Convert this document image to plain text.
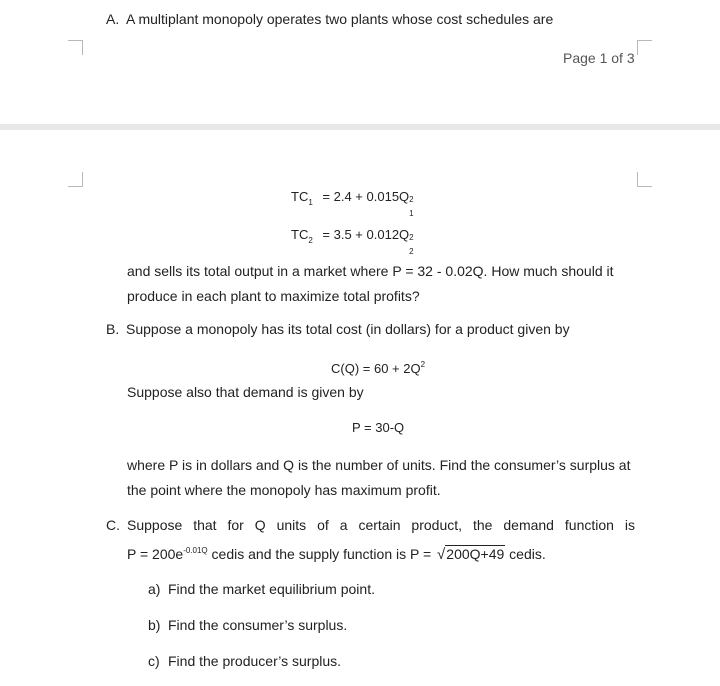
A. A multiplant monopoly operates two plants whose cost schedules are
Page 1 of 3
$TC_1 = 2.4 + 0.015Q$ 2
1
$TC_2 = 3.5 + 0.012Q$ 2
2
and sells its total output in a market where P = 32 - 0.02Q. How much should it
produce in each plant to maximize total profits?
B. Suppose a monopoly has its total cost (in dollars) for a product given by
$C(Q) = 60 + 2Q^2$
Suppose also that demand is given by
P = 30-Q
where P is in dollars and Q is the number of units. Find the consumer’s surplus at
the point where the monopoly has maximum profit.
C. Suppose that for Q units of a certain product, the demand function is
$P = 200e^{-0.01Q}$ cedis and the supply function is P = √200Q+49 cedis.
a) Find the market equilibrium point.
b) Find the consumer’s surplus.
c) Find the producer’s surplus.
